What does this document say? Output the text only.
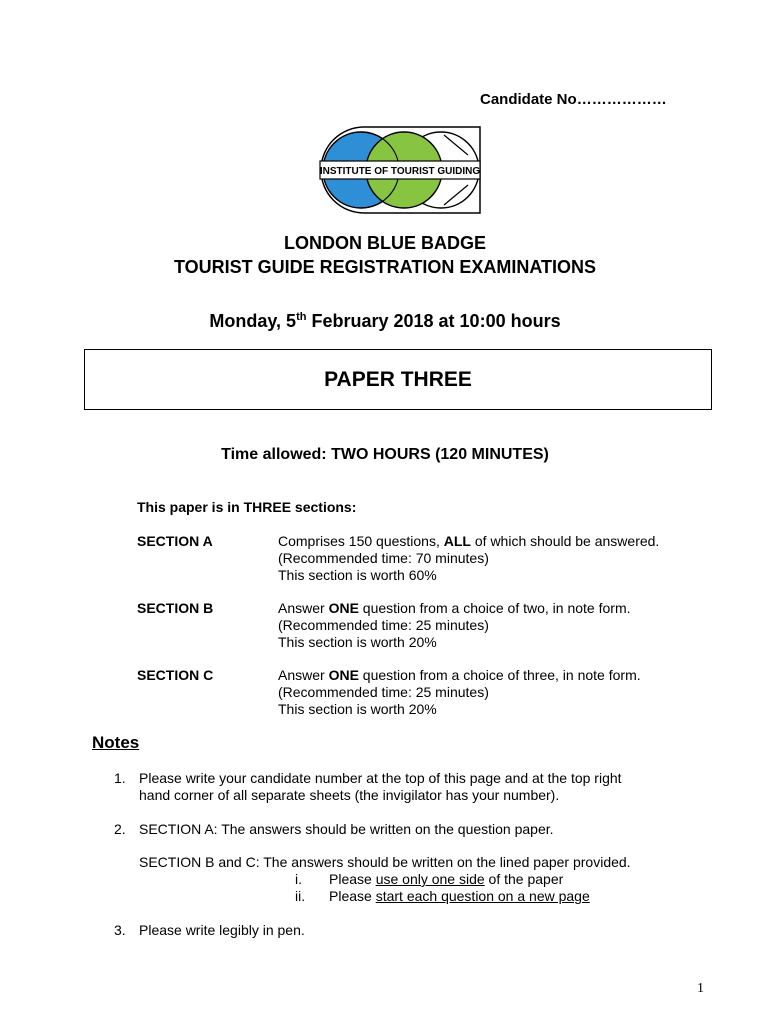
Candidate No………………
INSTITUTE OF TOURIST GUIDING
LONDON BLUE BADGE
TOURIST GUIDE REGISTRATION EXAMINATIONS
Monday, 5th February 2018 at 10:00 hours
PAPER THREE
Time allowed: TWO HOURS (120 MINUTES)
This paper is in THREE sections:
SECTION A	Comprises 150 questions, ALL of which should be answered.
(Recommended time: 70 minutes)
This section is worth 60%
SECTION B	Answer ONE question from a choice of two, in note form.
(Recommended time: 25 minutes)
This section is worth 20%
SECTION C	Answer ONE question from a choice of three, in note form.
(Recommended time: 25 minutes)
This section is worth 20%
Notes
1. Please write your candidate number at the top of this page and at the top right
hand corner of all separate sheets (the invigilator has your number).
2. SECTION A: The answers should be written on the question paper.
SECTION B and C: The answers should be written on the lined paper provided.
i. Please use only one side of the paper
ii. Please start each question on a new page
3. Please write legibly in pen.
1
